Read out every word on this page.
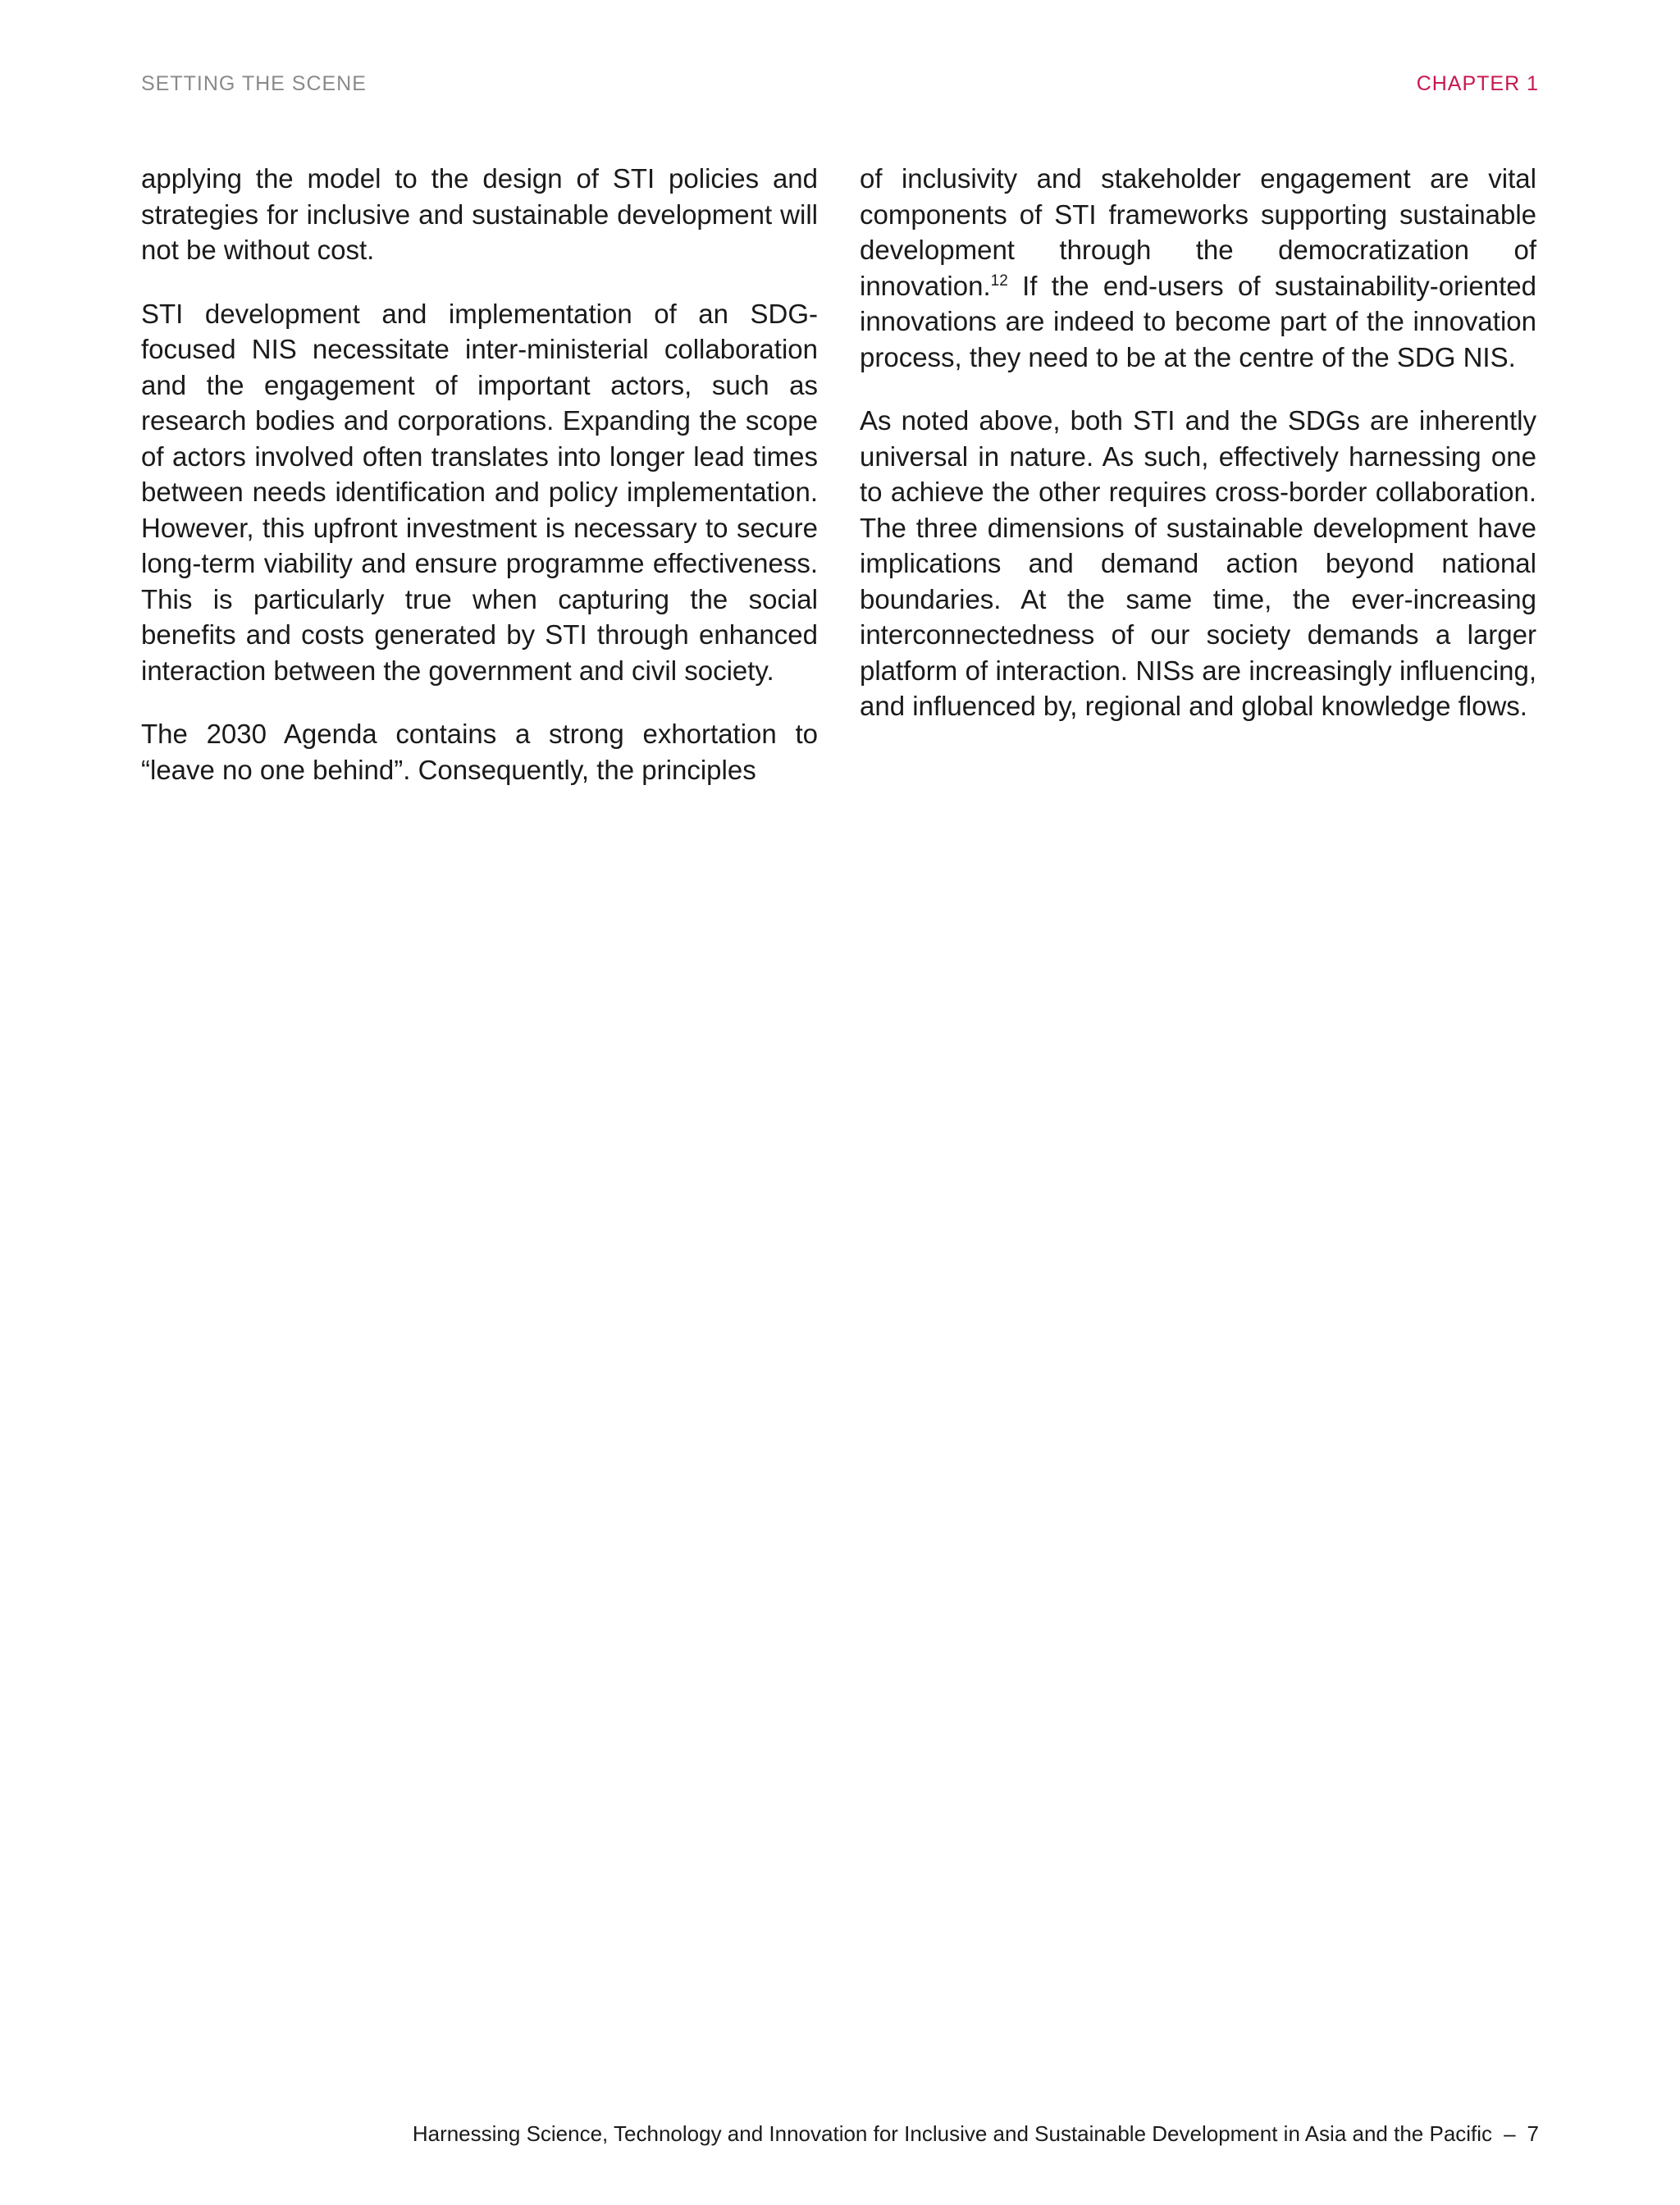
SETTING THE SCENE	CHAPTER 1

applying the model to the design of STI policies and strategies for inclusive and sustainable development will not be without cost.

STI development and implementation of an SDG-focused NIS necessitate inter-ministerial collaboration and the engagement of important actors, such as research bodies and corporations. Expanding the scope of actors involved often translates into longer lead times between needs identification and policy implementation. However, this upfront investment is necessary to secure long-term viability and ensure programme effectiveness. This is particularly true when capturing the social benefits and costs generated by STI through enhanced interaction between the government and civil society.

The 2030 Agenda contains a strong exhortation to “leave no one behind”. Consequently, the principles

of inclusivity and stakeholder engagement are vital components of STI frameworks supporting sustainable development through the democratization of innovation.$^{12}$ If the end-users of sustainability-oriented innovations are indeed to become part of the innovation process, they need to be at the centre of the SDG NIS.

As noted above, both STI and the SDGs are inherently universal in nature. As such, effectively harnessing one to achieve the other requires cross-border collaboration. The three dimensions of sustainable development have implications and demand action beyond national boundaries. At the same time, the ever-increasing interconnectedness of our society demands a larger platform of interaction. NISs are increasingly influencing, and influenced by, regional and global knowledge flows.

Harnessing Science, Technology and Innovation for Inclusive and Sustainable Development in Asia and the Pacific – 7
